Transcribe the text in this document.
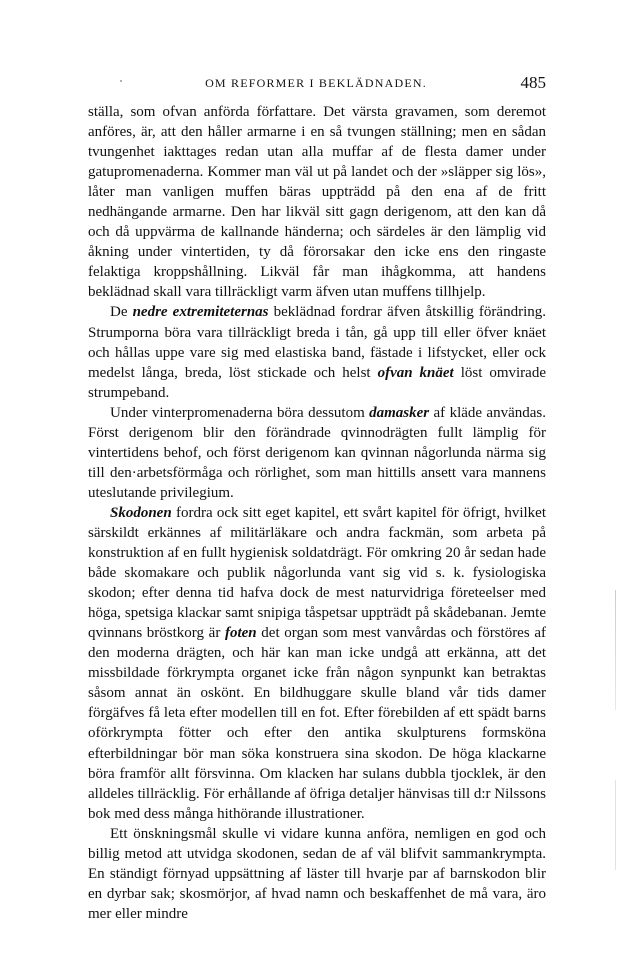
OM REFORMER I BEKLÄDNADEN.	485

ställa, som ofvan anförda författare. Det värsta gravamen, som deremot anföres, är, att den håller armarne i en så tvungen ställning; men en sådan tvungenhet iakttages redan utan alla muffar af de flesta damer under gatupromenaderna. Kommer man väl ut på landet och der »släpper sig lös», låter man vanligen muffen bäras uppträdd på den ena af de fritt nedhängande armarne. Den har likväl sitt gagn derigenom, att den kan då och då uppvärma de kallnande händerna; och särdeles är den lämplig vid åkning under vintertiden, ty då förorsakar den icke ens den ringaste felaktiga kroppshållning. Likväl får man ihågkomma, att handens beklädnad skall vara tillräckligt varm äfven utan muffens tillhjelp.

De nedre extremiteternas beklädnad fordrar äfven åtskillig förändring. Strumporna böra vara tillräckligt breda i tån, gå upp till eller öfver knäet och hållas uppe vare sig med elastiska band, fästade i lifstycket, eller ock medelst långa, breda, löst stickade och helst ofvan knäet löst omvirade strumpeband.

Under vinterpromenaderna böra dessutom damasker af kläde användas. Först derigenom blir den förändrade qvinnodrägten fullt lämplig för vintertidens behof, och först derigenom kan qvinnan någorlunda närma sig till den·arbetsförmåga och rörlighet, som man hittills ansett vara mannens uteslutande privilegium.

Skodonen fordra ock sitt eget kapitel, ett svårt kapitel för öfrigt, hvilket särskildt erkännes af militärläkare och andra fackmän, som arbeta på konstruktion af en fullt hygienisk soldatdrägt. För omkring 20 år sedan hade både skomakare och publik någorlunda vant sig vid s. k. fysiologiska skodon; efter denna tid hafva dock de mest naturvidriga företeelser med höga, spetsiga klackar samt snipiga tåspetsar uppträdt på skådebanan. Jemte qvinnans bröstkorg är foten det organ som mest vanvårdas och förstöres af den moderna drägten, och här kan man icke undgå att erkänna, att det missbildade förkrympta organet icke från någon synpunkt kan betraktas såsom annat än oskönt. En bildhuggare skulle bland vår tids damer förgäfves få leta efter modellen till en fot. Efter förebilden af ett spädt barns oförkrympta fötter och efter den antika skulpturens formsköna efterbildningar bör man söka konstruera sina skodon. De höga klackarne böra framför allt försvinna. Om klacken har sulans dubbla tjocklek, är den alldeles tillräcklig. För erhållande af öfriga detaljer hänvisas till d:r Nilssons bok med dess många hithörande illustrationer.

Ett önskningsmål skulle vi vidare kunna anföra, nemligen en god och billig metod att utvidga skodonen, sedan de af väl blifvit sammankrympta. En ständigt förnyad uppsättning af läster till hvarje par af barnskodon blir en dyrbar sak; skosmörjor, af hvad namn och beskaffenhet de må vara, äro mer eller mindre
